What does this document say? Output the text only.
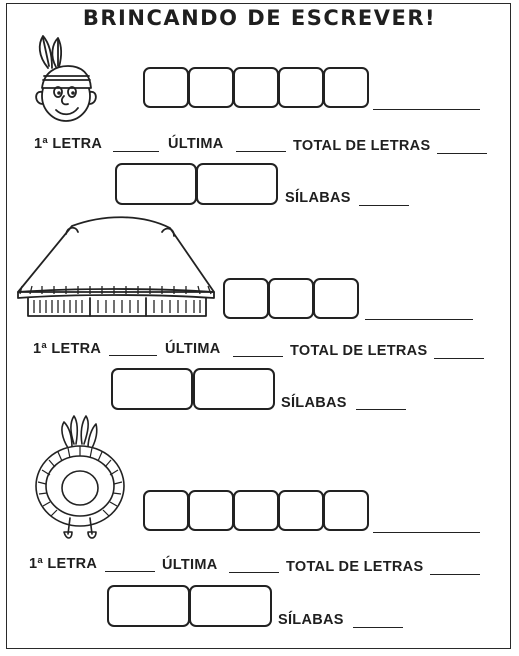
BRINCANDO DE ESCREVER!
1ª LETRA	ÚLTIMA	TOTAL DE LETRAS
SÍLABAS
1ª LETRA	ÚLTIMA	TOTAL DE LETRAS
SÍLABAS
1ª LETRA	ÚLTIMA	TOTAL DE LETRAS
SÍLABAS
